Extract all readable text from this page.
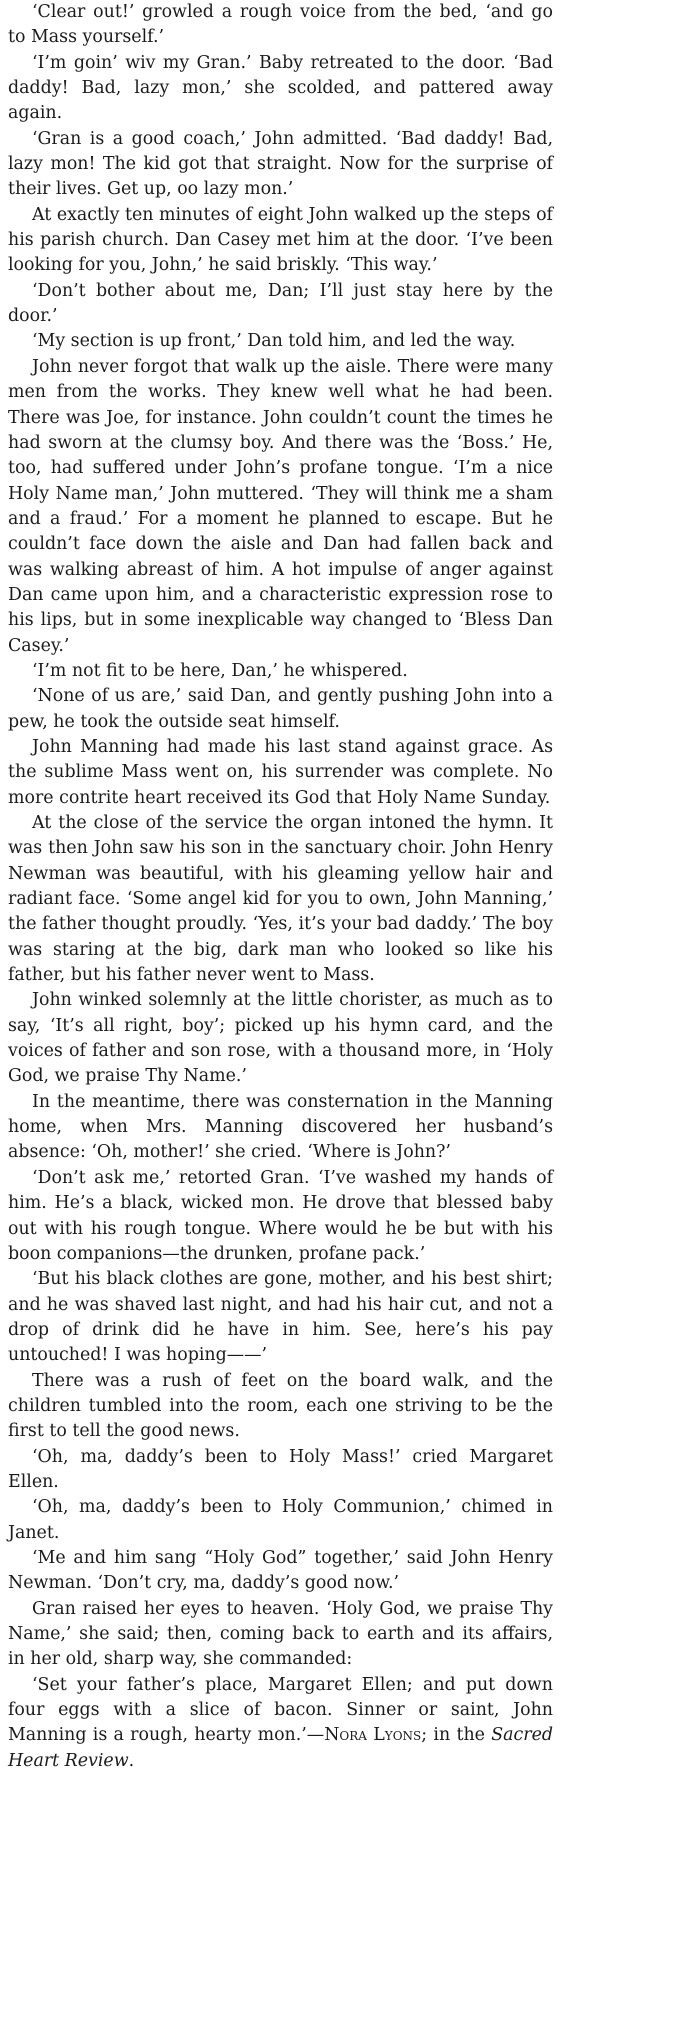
‘Clear out!’ growled a rough voice from the bed, ‘and go to Mass yourself.’

‘I’m goin’ wiv my Gran.’ Baby retreated to the door. ‘Bad daddy! Bad, lazy mon,’ she scolded, and pattered away again.

‘Gran is a good coach,’ John admitted. ‘Bad daddy! Bad, lazy mon! The kid got that straight. Now for the surprise of their lives. Get up, oo lazy mon.’

At exactly ten minutes of eight John walked up the steps of his parish church. Dan Casey met him at the door. ‘I’ve been looking for you, John,’ he said briskly. ‘This way.’

‘Don’t bother about me, Dan; I’ll just stay here by the door.’

‘My section is up front,’ Dan told him, and led the way.

John never forgot that walk up the aisle. There were many men from the works. They knew well what he had been. There was Joe, for instance. John couldn’t count the times he had sworn at the clumsy boy. And there was the ‘Boss.’ He, too, had suffered under John’s profane tongue. ‘I’m a nice Holy Name man,’ John muttered. ‘They will think me a sham and a fraud.’ For a moment he planned to escape. But he couldn’t face down the aisle and Dan had fallen back and was walking abreast of him. A hot impulse of anger against Dan came upon him, and a characteristic expression rose to his lips, but in some inexplicable way changed to ‘Bless Dan Casey.’

‘I’m not fit to be here, Dan,’ he whispered.

‘None of us are,’ said Dan, and gently pushing John into a pew, he took the outside seat himself.

John Manning had made his last stand against grace. As the sublime Mass went on, his surrender was complete. No more contrite heart received its God that Holy Name Sunday.

At the close of the service the organ intoned the hymn. It was then John saw his son in the sanctuary choir. John Henry Newman was beautiful, with his gleaming yellow hair and radiant face. ‘Some angel kid for you to own, John Manning,’ the father thought proudly. ‘Yes, it’s your bad daddy.’ The boy was staring at the big, dark man who looked so like his father, but his father never went to Mass.

John winked solemnly at the little chorister, as much as to say, ‘It’s all right, boy’; picked up his hymn card, and the voices of father and son rose, with a thousand more, in ‘Holy God, we praise Thy Name.’

In the meantime, there was consternation in the Manning home, when Mrs. Manning discovered her husband’s absence: ‘Oh, mother!’ she cried. ‘Where is John?’

‘Don’t ask me,’ retorted Gran. ‘I’ve washed my hands of him. He’s a black, wicked mon. He drove that blessed baby out with his rough tongue. Where would he be but with his boon companions—the drunken, profane pack.’

‘But his black clothes are gone, mother, and his best shirt; and he was shaved last night, and had his hair cut, and not a drop of drink did he have in him. See, here’s his pay untouched! I was hoping——’

There was a rush of feet on the board walk, and the children tumbled into the room, each one striving to be the first to tell the good news.

‘Oh, ma, daddy’s been to Holy Mass!’ cried Margaret Ellen.

‘Oh, ma, daddy’s been to Holy Communion,’ chimed in Janet.

‘Me and him sang “Holy God” together,’ said John Henry Newman. ‘Don’t cry, ma, daddy’s good now.’

Gran raised her eyes to heaven. ‘Holy God, we praise Thy Name,’ she said; then, coming back to earth and its affairs, in her old, sharp way, she commanded:

‘Set your father’s place, Margaret Ellen; and put down four eggs with a slice of bacon. Sinner or saint, John Manning is a rough, hearty mon.’—Nora Lyons; in the Sacred Heart Review.
